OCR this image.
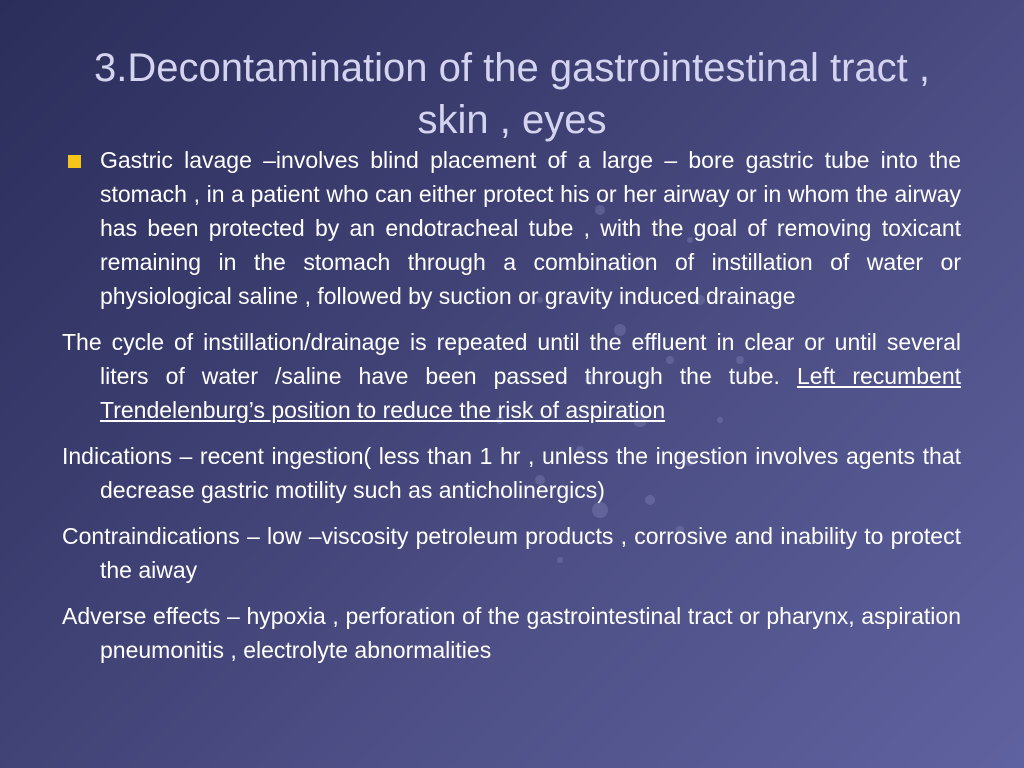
3.Decontamination of the gastrointestinal tract , skin , eyes

Gastric lavage –involves blind placement of a large – bore gastric tube into the stomach , in a patient who can either protect his or her airway or in whom the airway has been protected by an endotracheal tube , with the goal of removing toxicant remaining in the stomach through a combination of instillation of water or physiological saline , followed by suction or gravity induced drainage

The cycle of instillation/drainage is repeated until the effluent in clear or until several liters of water /saline have been passed through the tube. Left recumbent Trendelenburg’s position to reduce the risk of aspiration

Indications – recent ingestion( less than 1 hr , unless the ingestion involves agents that decrease gastric motility such as anticholinergics)

Contraindications – low –viscosity petroleum products , corrosive and inability to protect the aiway

Adverse effects – hypoxia , perforation of the gastrointestinal tract or pharynx, aspiration pneumonitis , electrolyte abnormalities
